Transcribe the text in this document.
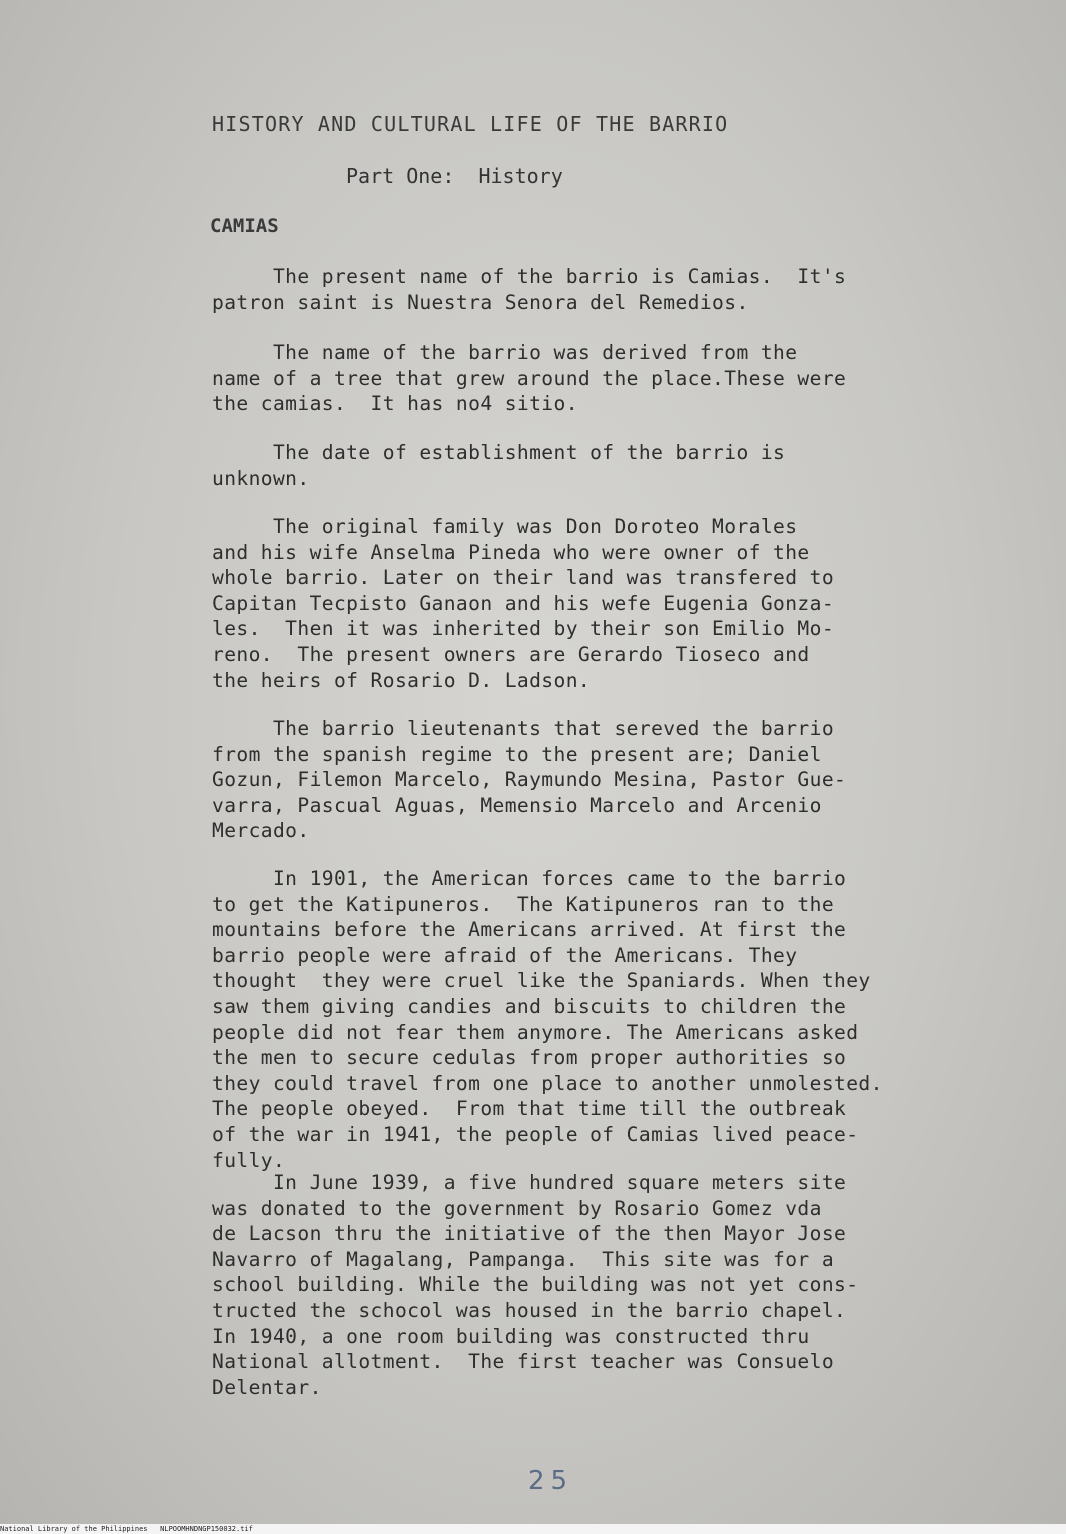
HISTORY AND CULTURAL LIFE OF THE BARRIO
Part One:  History
CAMIAS
The present name of the barrio is Camias.  It's
patron saint is Nuestra Senora del Remedios.
The name of the barrio was derived from the
name of a tree that grew around the place.These were
the camias.  It has no4 sitio.
The date of establishment of the barrio is
unknown.
The original family was Don Doroteo Morales
and his wife Anselma Pineda who were owner of the
whole barrio. Later on their land was transfered to
Capitan Tecpisto Ganaon and his wefe Eugenia Gonza-
les.  Then it was inherited by their son Emilio Mo-
reno.  The present owners are Gerardo Tioseco and
the heirs of Rosario D. Ladson.
The barrio lieutenants that sereved the barrio
from the spanish regime to the present are; Daniel
Gozun, Filemon Marcelo, Raymundo Mesina, Pastor Gue-
varra, Pascual Aguas, Memensio Marcelo and Arcenio
Mercado.
In 1901, the American forces came to the barrio
to get the Katipuneros.  The Katipuneros ran to the
mountains before the Americans arrived. At first the
barrio people were afraid of the Americans. They
thought  they were cruel like the Spaniards. When they
saw them giving candies and biscuits to children the
people did not fear them anymore. The Americans asked
the men to secure cedulas from proper authorities so
they could travel from one place to another unmolested.
The people obeyed.  From that time till the outbreak
of the war in 1941, the people of Camias lived peace-
fully.
In June 1939, a five hundred square meters site
was donated to the government by Rosario Gomez vda
de Lacson thru the initiative of the then Mayor Jose
Navarro of Magalang, Pampanga.  This site was for a
school building. While the building was not yet cons-
tructed the schocol was housed in the barrio chapel.
In 1940, a one room building was constructed thru
National allotment.  The first teacher was Consuelo
Delentar.
25
National Library of the Philippines   NLPOOMHNDNGP150032.tif
